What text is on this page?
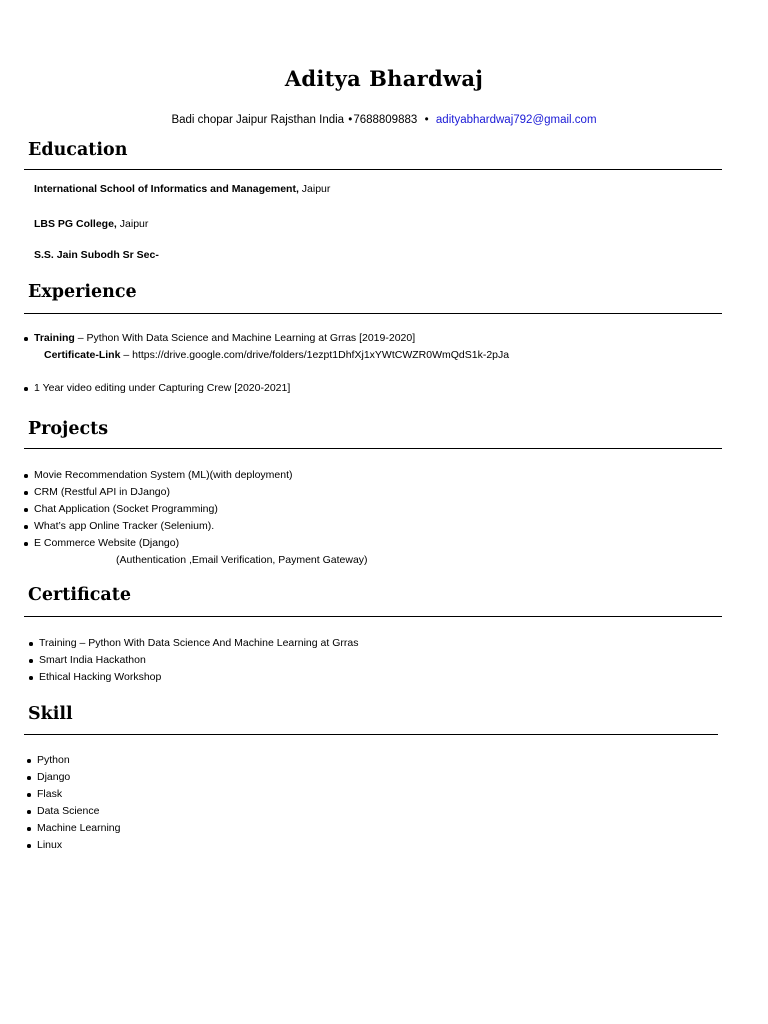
Aditya Bhardwaj
Badi chopar Jaipur Rajsthan India •7688809883 • adityabhardwaj792@gmail.com
Education
International School of Informatics and Management, Jaipur
LBS PG College, Jaipur
S.S. Jain Subodh Sr Sec-
Experience
Training – Python With Data Science and Machine Learning at Grras [2019-2020]
Certificate-Link – https://drive.google.com/drive/folders/1ezpt1DhfXj1xYWtCWZR0WmQdS1k-2pJa
1 Year video editing under Capturing Crew [2020-2021]
Projects
Movie Recommendation System (ML)(with deployment)
CRM (Restful API in DJango)
Chat Application (Socket Programming)
What’s app Online Tracker (Selenium).
E Commerce Website (Django)
(Authentication ,Email Verification, Payment Gateway)
Certificate
Training – Python With Data Science And Machine Learning at Grras
Smart India Hackathon
Ethical Hacking Workshop
Skill
Python
Django
Flask
Data Science
Machine Learning
Linux
